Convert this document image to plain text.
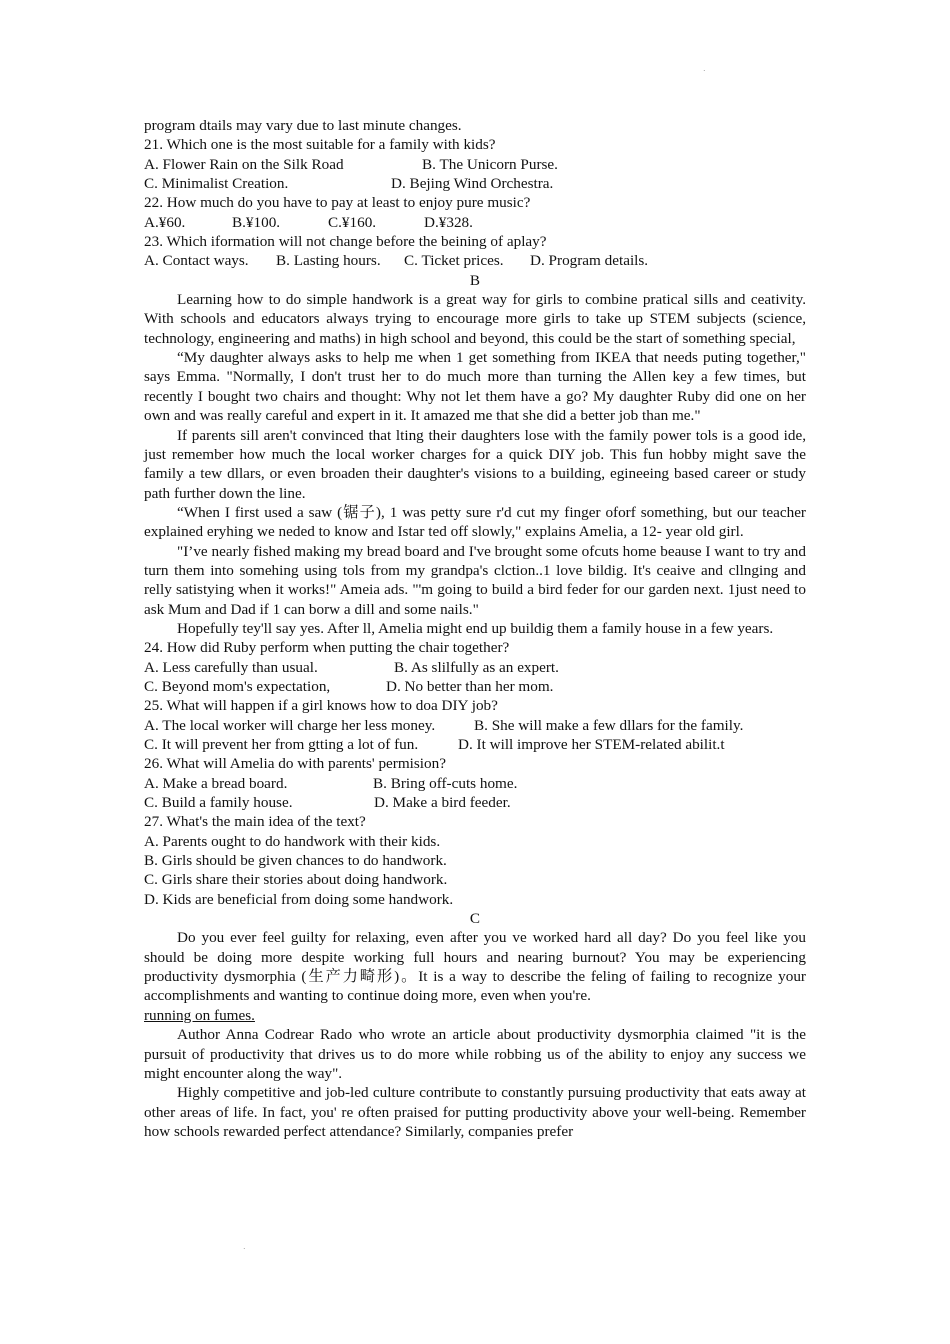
.
program dtails may vary due to last minute changes.
21. Which one is the most suitable for a family with kids?
A. Flower Rain on the Silk Road	B. The Unicorn Purse.
C. Minimalist Creation.	D. Bejing Wind Orchestra.
22. How much do you have to pay at least to enjoy pure music?
A.¥60.	B.¥100.	C.¥160.	D.¥328.
23. Which iformation will not change before the beining of aplay?
A. Contact ways. B. Lasting hours. C. Ticket prices. D. Program details.
B
Learning how to do simple handwork is a great way for girls to combine pratical sills and ceativity. With schools and educators always trying to encourage more girls to take up STEM subjects (science, technology, engineering and maths) in high school and beyond, this could be the start of something special,
“My daughter always asks to help me when 1 get something from IKEA that needs puting together," says Emma. "Normally, I don't trust her to do much more than turning the Allen key a few times, but recently I bought two chairs and thought: Why not let them have a go? My daughter Ruby did one on her own and was really careful and expert in it. It amazed me that she did a better job than me."
If parents sill aren't convinced that lting their daughters lose with the family power tols is a good ide, just remember how much the local worker charges for a quick DIY job. This fun hobby might save the family a tew dllars, or even broaden their daughter's visions to a building, egineeing based career or study path further down the line.
“When I first used a saw (锯子), 1 was petty sure r'd cut my finger oforf something, but our teacher explained eryhing we neded to know and Istar ted off slowly," explains Amelia, a 12- year old girl.
"I’ve nearly fished making my bread board and I've brought some ofcuts home beause I want to try and turn them into somehing using tols from my grandpa's clction..1 love bildig. It's ceaive and cllnging and relly satistying when it works!" Ameia ads. "'m going to build a bird feder for our garden next. 1just need to ask Mum and Dad if 1 can borw a dill and some nails."
Hopefully tey'll say yes. After ll, Amelia might end up buildig them a family house in a few years.
24. How did Ruby perform when putting the chair together?
A. Less carefully than usual.	B. As slilfully as an expert.
C. Beyond mom's expectation,	D. No better than her mom.
25. What will happen if a girl knows how to doa DIY job?
A. The local worker will charge her less money.	B. She will make a few dllars for the family.
C. It will prevent her from gtting a lot of fun.	D. It will improve her STEM-related abilit.t
26. What will Amelia do with parents' permision?
A. Make a bread board.	B. Bring off-cuts home.
C. Build a family house.	D. Make a bird feeder.
27. What's the main idea of the text?
A. Parents ought to do handwork with their kids.
B. Girls should be given chances to do handwork.
C. Girls share their stories about doing handwork.
D. Kids are beneficial from doing some handwork.
C
Do you ever feel guilty for relaxing, even after you ve worked hard all day? Do you feel like you should be doing more despite working full hours and nearing burnout? You may be experiencing productivity dysmorphia (生产力畸形)。It is a way to describe the feling of failing to recognize your accomplishments and wanting to continue doing more, even when you're.
running on fumes.
Author Anna Codrear Rado who wrote an article about productivity dysmorphia claimed "it is the pursuit of productivity that drives us to do more while robbing us of the ability to enjoy any success we might encounter along the way".
Highly competitive and job-led culture contribute to constantly pursuing productivity that eats away at other areas of life. In fact, you' re often praised for putting productivity above your well-being. Remember how schools rewarded perfect attendance? Similarly, companies prefer
.
